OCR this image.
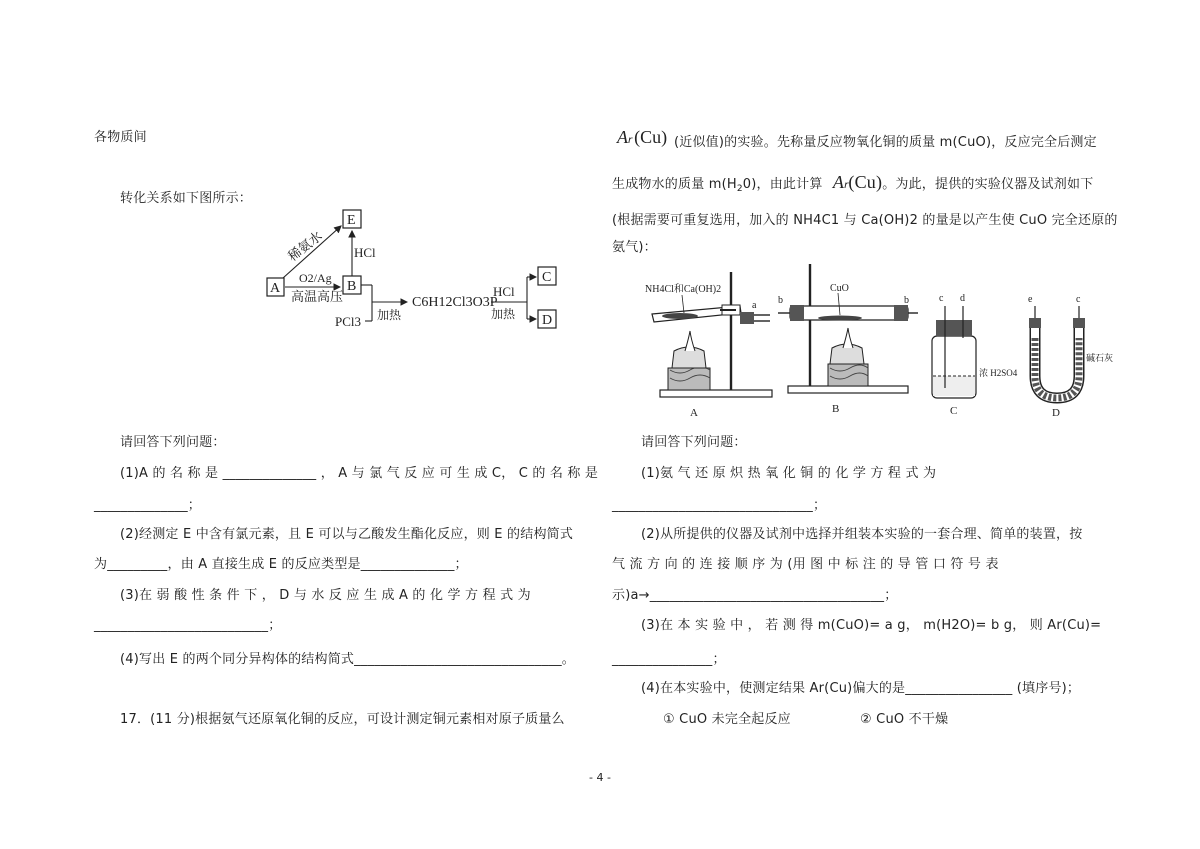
各物质间
转化关系如下图所示：
E
A	B
C
D
稀氨水 HCl
O2/Ag
高温高压
PCl3 加热
C6H12Cl3O3P
HCl
加热
请回答下列问题：
(1)A 的 名 称 是 ______________ ， A 与 氯 气 反 应 可 生 成 C， C 的 名 称 是
______________；
(2)经测定 E 中含有氯元素，且 E 可以与乙酸发生酯化反应，则 E 的结构简式
为_________，由 A 直接生成 E 的反应类型是______________；
(3)在 弱 酸 性 条 件 下 ， D 与 水 反 应 生 成 A 的 化 学 方 程 式 为
__________________________；
(4)写出 E 的两个同分异构体的结构简式_______________________________。
17．(11 分)根据氨气还原氧化铜的反应，可设计测定铜元素相对原子质量么
Ar (Cu) (近似值)的实验。先称量反应物氧化铜的质量 m(CuO)，反应完全后测定
生成物水的质量 $m(H_20)$，由此计算 Ar(Cu)。为此，提供的实验仪器及试剂如下
(根据需要可重复选用，加入的 NH4C1 与 Ca(OH)2 的量是以产生使 CuO 完全还原的
氨气)：
NH4Cl和Ca(OH)2
a
A
CuO
b	b
B
c d
浓 H2SO4
C
e	c
碱石灰
D
请回答下列问题：
(1)氨 气 还 原 炽 热 氧 化 铜 的 化 学 方 程 式 为
______________________________；
(2)从所提供的仪器及试剂中选择并组装本实验的一套合理、简单的装置，按
气 流 方 向 的 连 接 顺 序 为 (用 图 中 标 注 的 导 管 口 符 号 表
示)a→___________________________________；
(3)在 本 实 验 中 ， 若 测 得 m(CuO)= a g， m(H2O)= b g， 则 Ar(Cu)=
_______________；
(4)在本实验中，使测定结果 Ar(Cu)偏大的是________________ (填序号)；
① CuO 未完全起反应	② CuO 不干燥
- 4 -
